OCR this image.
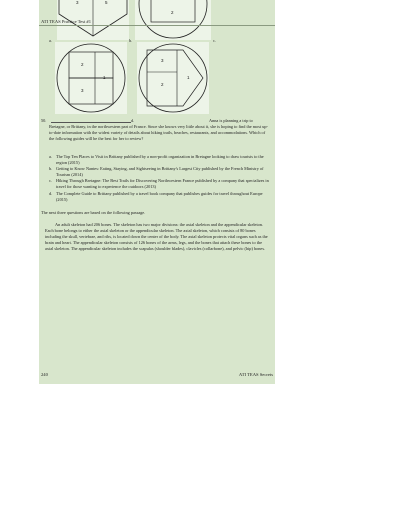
3	5
2
ATI TEAS Practice Test #1
a.	b.	c.
2
1
3
3
1
2
50.	d.	Anna is planning a trip to
Bretagne, or Brittany, in the northwestern part of France. Since she knows very little about it, she is hoping to find the most up-to-date information with the widest variety of details about hiking trails, beaches, restaurants, and accommodations. Which of the following guides will be the best for her to review?
a. The Top Ten Places to Visit in Brittany published by a non-profit organization in Bretagne looking to draw tourists to the region (2015)
b. Getting to Know Nantes: Eating, Staying, and Sightseeing in Brittany's Largest City published by the French Ministry of Tourism (2014)
c. Hiking Through Bretagne: The Best Trails for Discovering Northwestern France published by a company that specializes in travel for those wanting to experience the outdoors (2013)
d. The Complete Guide to Brittany published by a travel book company that publishes guides for travel throughout Europe (2015)
The next three questions are based on the following passage.
An adult skeleton had 206 bones. The skeleton has two major divisions: the axial skeleton and the appendicular skeleton. Each bone belongs to either the axial skeleton or the appendicular skeleton. The axial skeleton, which consists of 80 bones including the skull, vertebrae, and ribs, is located down the center of the body. The axial skeleton protects vital organs such as the brain and heart. The appendicular skeleton consists of 126 bones of the arms, legs, and the bones that attach these bones to the axial skeleton. The appendicular skeleton includes the scapulas (shoulder blades), clavicles (collarbone), and pelvic (hip) bones.
240	ATI TEAS Secrets
